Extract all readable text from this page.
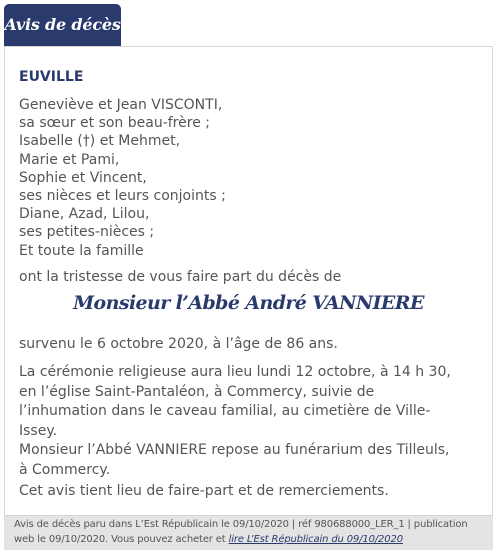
Avis de décès
EUVILLE
Geneviève et Jean VISCONTI,
sa sœur et son beau-frère ;
Isabelle (†) et Mehmet,
Marie et Pami,
Sophie et Vincent,
ses nièces et leurs conjoints ;
Diane, Azad, Lilou,
ses petites-nièces ;
Et toute la famille
ont la tristesse de vous faire part du décès de
Monsieur l’Abbé André VANNIERE
survenu le 6 octobre 2020, à l’âge de 86 ans.

La cérémonie religieuse aura lieu lundi 12 octobre, à 14 h 30,
en l’église Saint-Pantaléon, à Commercy, suivie de
l’inhumation dans le caveau familial, au cimetière de Ville-
Issey.
Monsieur l’Abbé VANNIERE repose au funérarium des Tilleuls,
à Commercy.

Cet avis tient lieu de faire-part et de remerciements.
Avis de décès paru dans L’Est Républicain le 09/10/2020 | réf 980688000_LER_1 | publication
web le 09/10/2020. Vous pouvez acheter et lire L’Est Républicain du 09/10/2020
